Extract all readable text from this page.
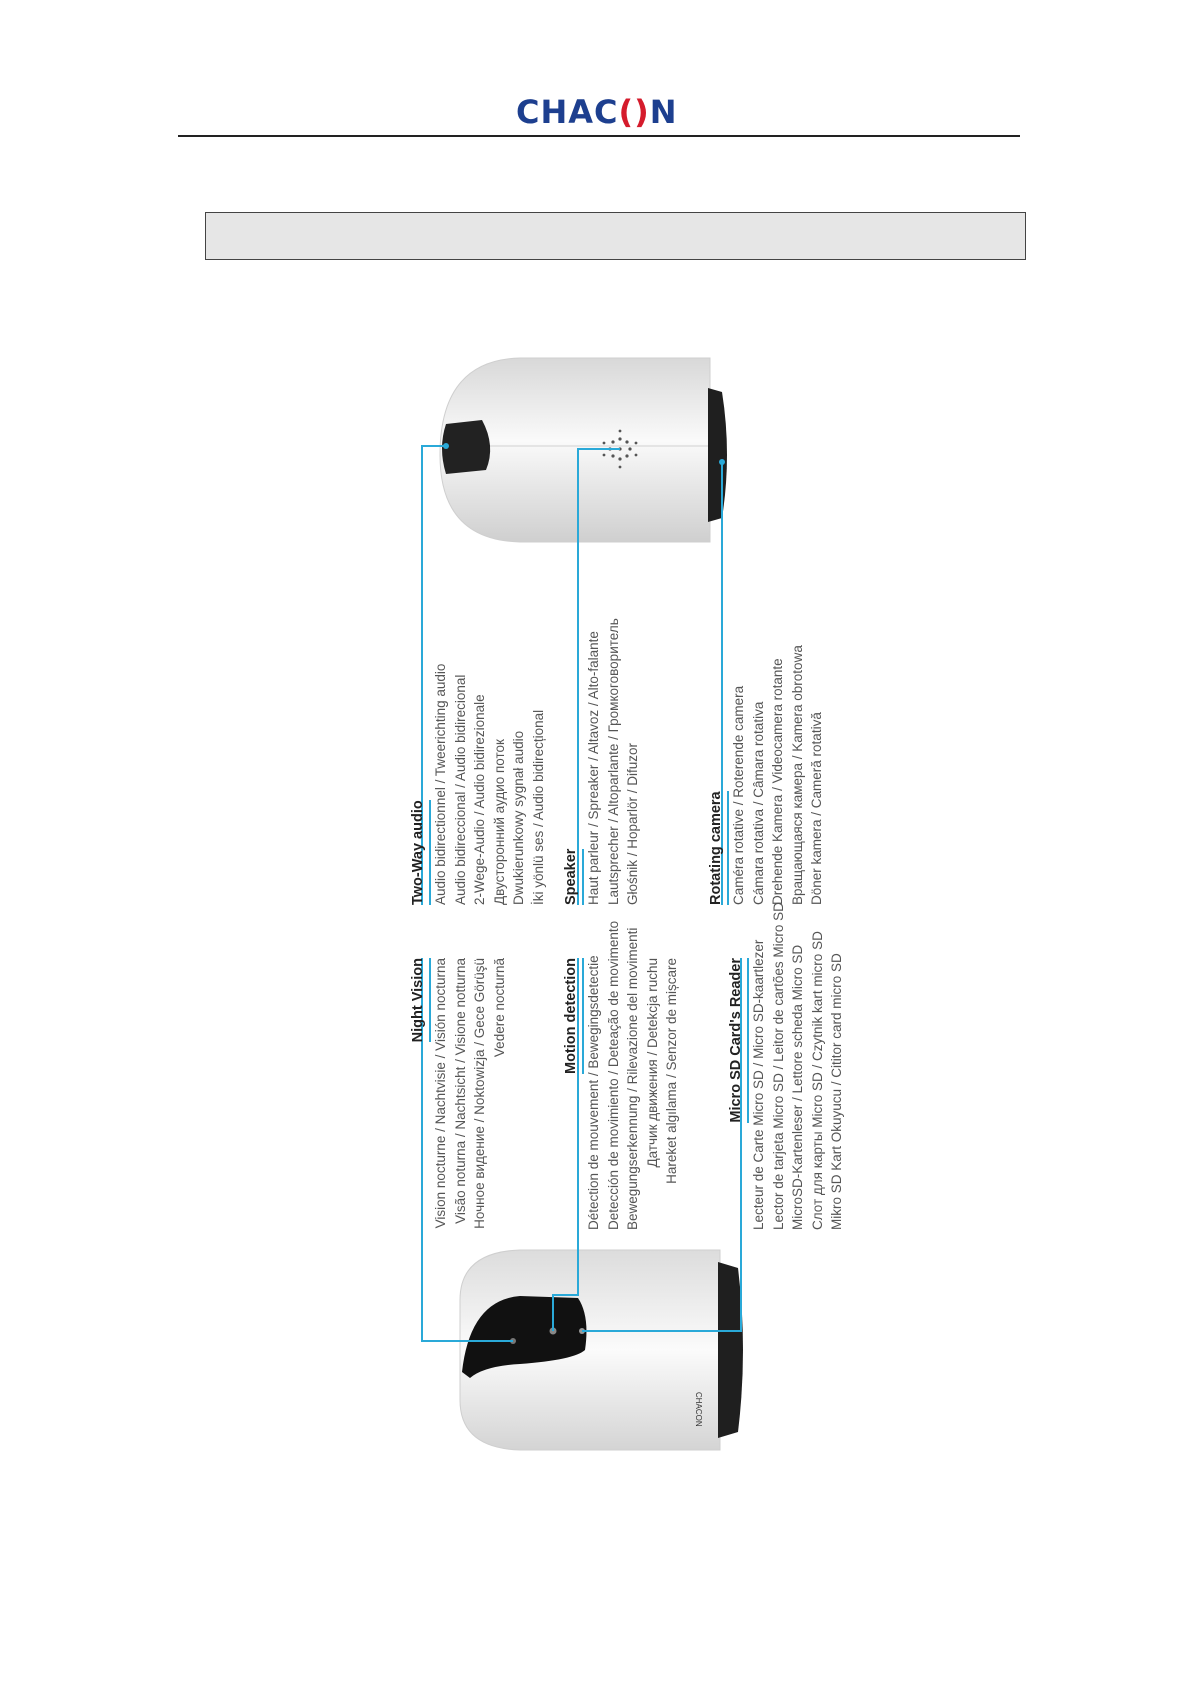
CHAC()N
CHACON
Night Vision Vision nocturne / Nachtvisie / Visión nocturna Visão noturna / Nachtsicht / Visione notturna Ночное видение / Noktowizja / Gece Görüşü Vedere nocturnă	Motion detection Détection de mouvement / Bewegingsdetectie Detección de movimiento / Deteação de movimento Bewegungserkennung / Rilevazione del movimenti Датчик движения / Detekcja ruchu Hareket algılama / Senzor de mișcare	Micro SD Card's Reader Lecteur de Carte Micro SD / Micro SD-kaartlezer Lector de tarjeta Micro SD / Leitor de cartões Micro SD MicroSD-Kartenleser / Lettore scheda Micro SD Слот для карты Micro SD / Czytnik kart micro SD Mikro SD Kart Okuyucu / Cititor card micro SD
Two-Way audio Audio bidirectionnel / Tweerichting audio Audio bidireccional / Audio bidirecional 2-Wege-Audio / Audio bidirezionale Двусторонний аудио поток Dwukierunkowy sygnał audio İki yönlü ses / Audio bidirecțional Speaker Haut parleur / Spreaker / Altavoz / Alto-falante Lautsprecher / Altoparlante / Громкоговоритель Głośnik / Hoparlör / Difuzor	Rotating camera Caméra rotative / Roterende camera Cámara rotativa / Câmara rotativa Drehende Kamera / Videocamera rotante Вращающаяся камера / Kamera obrotowa Döner kamera / Cameră rotativă
